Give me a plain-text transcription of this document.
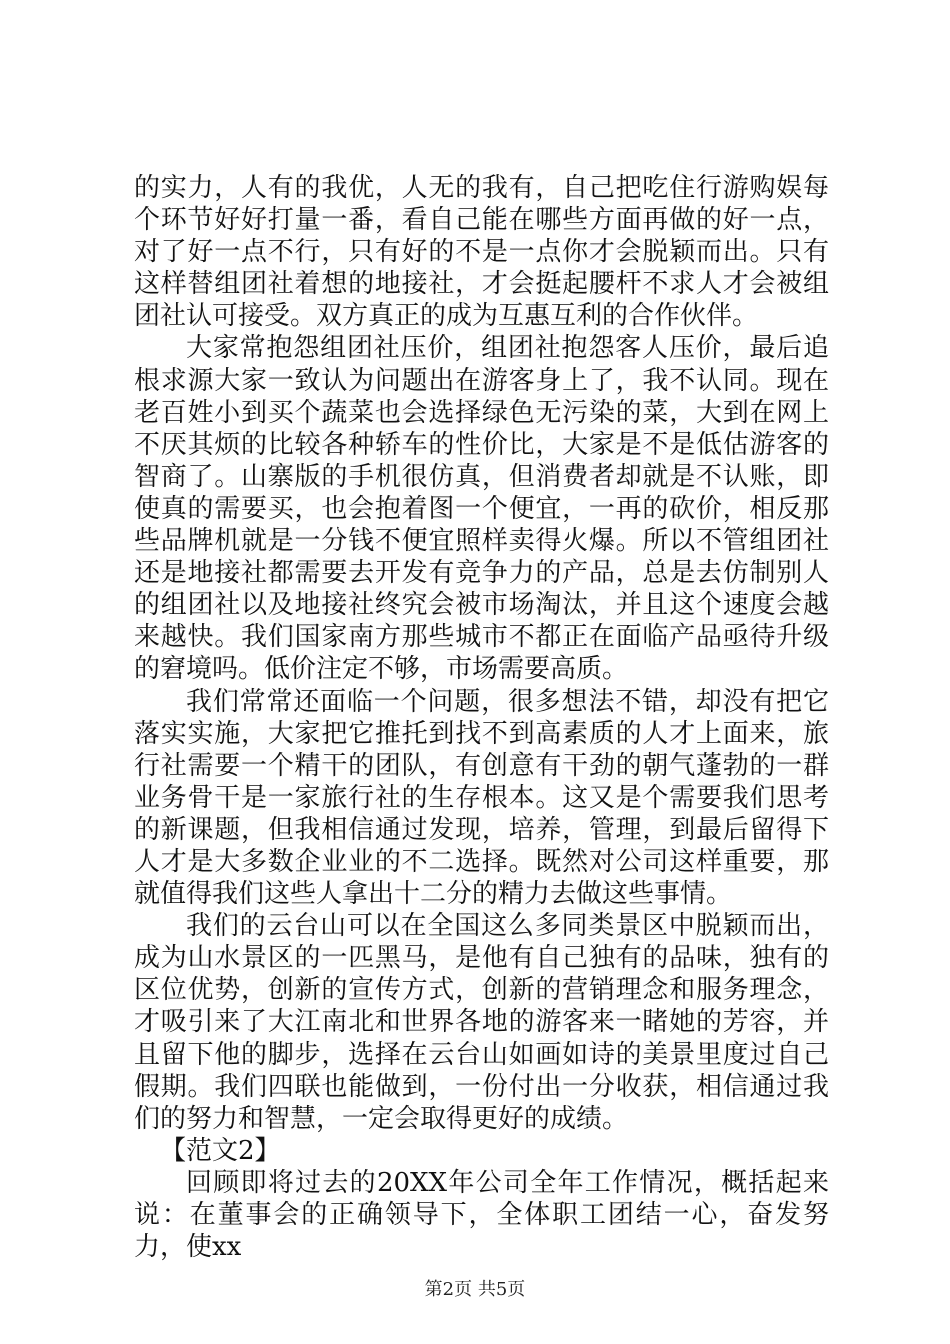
的实力，人有的我优，人无的我有，自己把吃住行游购娱每个环节好好打量一番，看自己能在哪些方面再做的好一点，对了好一点不行，只有好的不是一点你才会脱颖而出。只有这样替组团社着想的地接社，才会挺起腰杆不求人才会被组团社认可接受。双方真正的成为互惠互利的合作伙伴。

大家常抱怨组团社压价，组团社抱怨客人压价，最后追根求源大家一致认为问题出在游客身上了，我不认同。现在老百姓小到买个蔬菜也会选择绿色无污染的菜，大到在网上不厌其烦的比较各种轿车的性价比，大家是不是低估游客的智商了。山寨版的手机很仿真，但消费者却就是不认账，即使真的需要买，也会抱着图一个便宜，一再的砍价，相反那些品牌机就是一分钱不便宜照样卖得火爆。所以不管组团社还是地接社都需要去开发有竞争力的产品，总是去仿制别人的组团社以及地接社终究会被市场淘汰，并且这个速度会越来越快。我们国家南方那些城市不都正在面临产品亟待升级的窘境吗。低价注定不够，市场需要高质。

我们常常还面临一个问题，很多想法不错，却没有把它落实实施，大家把它推托到找不到高素质的人才上面来，旅行社需要一个精干的团队，有创意有干劲的朝气蓬勃的一群业务骨干是一家旅行社的生存根本。这又是个需要我们思考的新课题，但我相信通过发现，培养，管理，到最后留得下人才是大多数企业业的不二选择。既然对公司这样重要，那就值得我们这些人拿出十二分的精力去做这些事情。

我们的云台山可以在全国这么多同类景区中脱颖而出，成为山水景区的一匹黑马，是他有自己独有的品味，独有的区位优势，创新的宣传方式，创新的营销理念和服务理念，才吸引来了大江南北和世界各地的游客来一睹她的芳容，并且留下他的脚步，选择在云台山如画如诗的美景里度过自己假期。我们四联也能做到，一份付出一分收获，相信通过我们的努力和智慧，一定会取得更好的成绩。

【范文2】

回顾即将过去的20XX年公司全年工作情况，概括起来说：在董事会的正确领导下，全体职工团结一心，奋发努力，使xx

第2页 共5页
